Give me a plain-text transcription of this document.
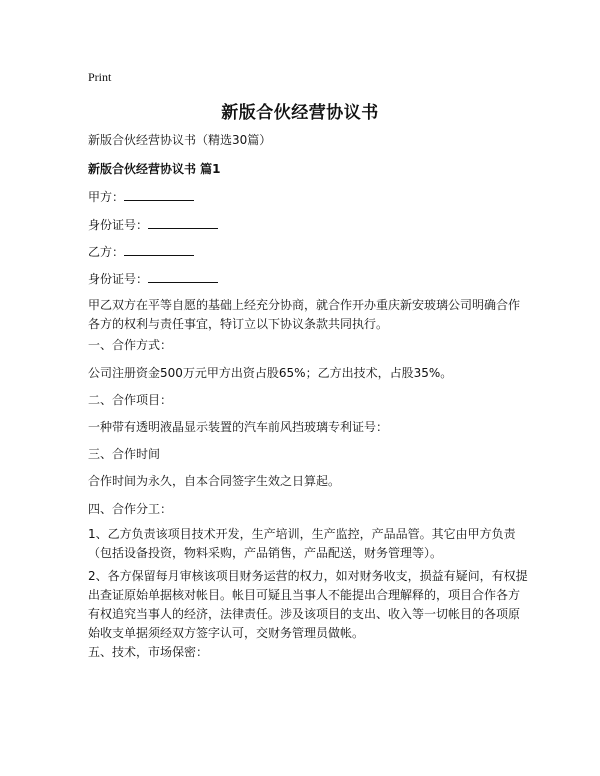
Print
新版合伙经营协议书
新版合伙经营协议书（精选30篇）
新版合伙经营协议书 篇1
甲方：
身份证号：
乙方：
身份证号：
甲乙双方在平等自愿的基础上经充分协商，就合作开办重庆新安玻璃公司明确合作各方的权利与责任事宜，特订立以下协议条款共同执行。
一、合作方式：
公司注册资金500万元甲方出资占股65%；乙方出技术，占股35%。
二、合作项目：
一种带有透明液晶显示装置的汽车前风挡玻璃专利证号：
三、合作时间
合作时间为永久，自本合同签字生效之日算起。
四、合作分工：
1、乙方负责该项目技术开发，生产培训，生产监控，产品品管。其它由甲方负责（包括设备投资，物料采购，产品销售，产品配送，财务管理等）。
2、各方保留每月审核该项目财务运营的权力，如对财务收支，损益有疑问，有权提出查证原始单据核对帐目。帐目可疑且当事人不能提出合理解释的，项目合作各方有权追究当事人的经济，法律责任。涉及该项目的支出、收入等一切帐目的各项原始收支单据须经双方签字认可，交财务管理员做帐。
五、技术，市场保密：
